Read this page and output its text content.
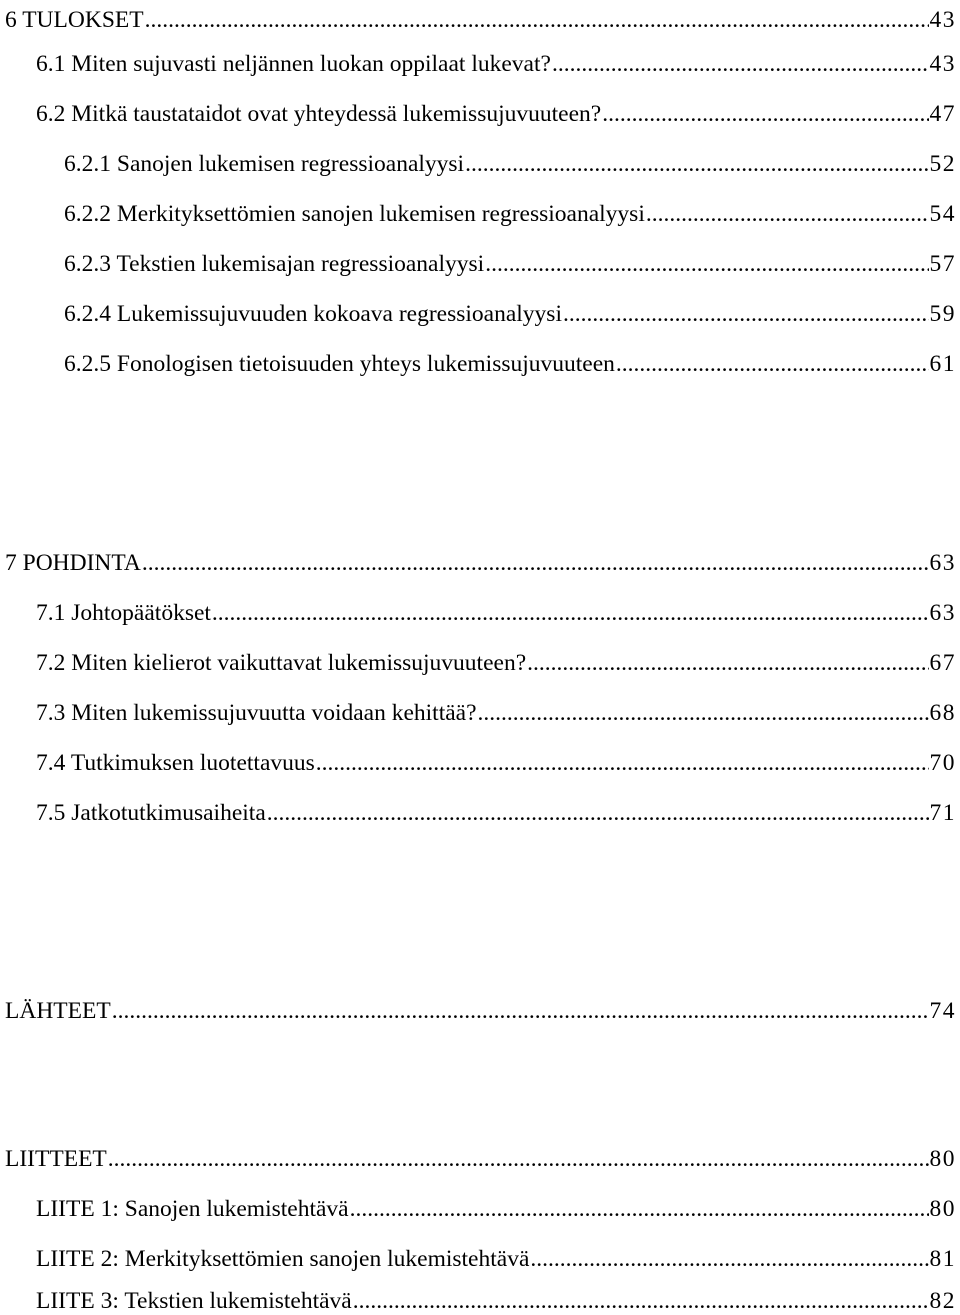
6 TULOKSET .....	43
6.1 Miten sujuvasti neljännen luokan oppilaat lukevat? .....	43
6.2 Mitkä taustataidot ovat yhteydessä lukemissujuvuuteen? .....	47
6.2.1 Sanojen lukemisen regressioanalyysi .....	52
6.2.2 Merkityksettömien sanojen lukemisen regressioanalyysi .....	54
6.2.3 Tekstien lukemisajan regressioanalyysi .....	57
6.2.4 Lukemissujuvuuden kokoava regressioanalyysi .....	59
6.2.5 Fonologisen tietoisuuden yhteys lukemissujuvuuteen .....	61
7 POHDINTA .....	63
7.1 Johtopäätökset .....	63
7.2 Miten kielierot vaikuttavat lukemissujuvuuteen? .....	67
7.3 Miten lukemissujuvuutta voidaan kehittää? .....	68
7.4 Tutkimuksen luotettavuus .....	70
7.5 Jatkotutkimusaiheita .....	71
LÄHTEET .....	74
LIITTEET .....	80
LIITE 1: Sanojen lukemistehtävä .....	80
LIITE 2: Merkityksettömien sanojen lukemistehtävä .....	81
LIITE 3: Tekstien lukemistehtävä .....	82
